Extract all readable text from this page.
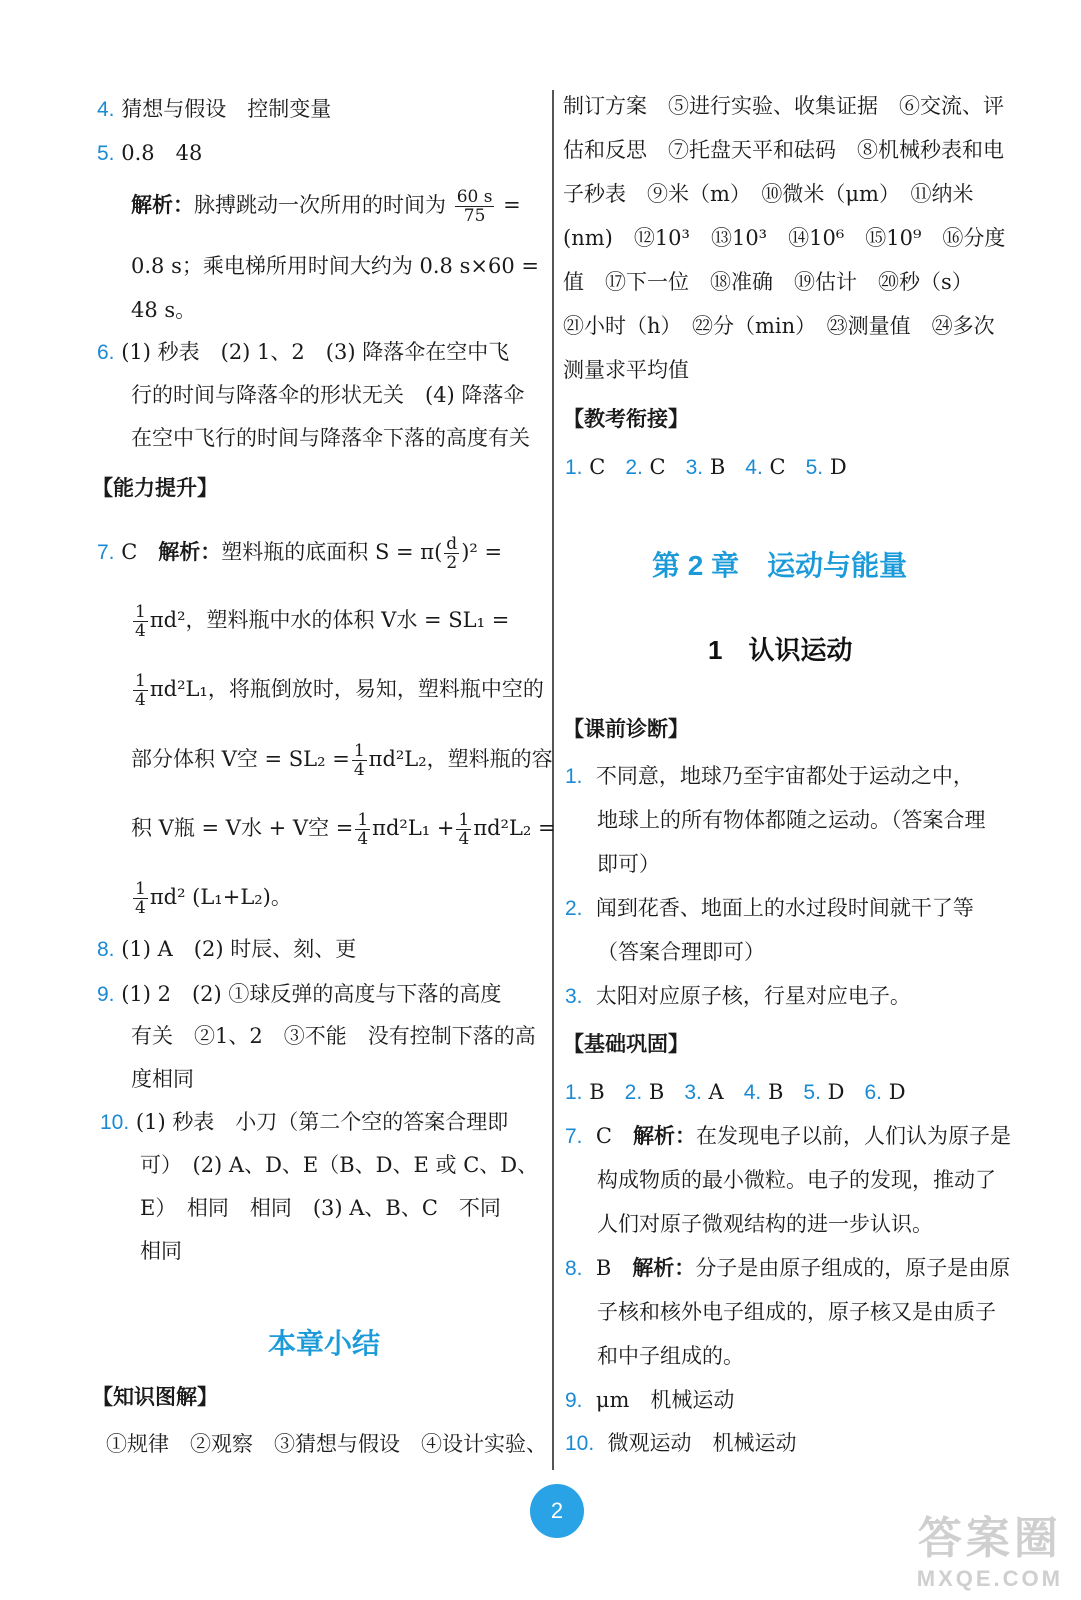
4. 猜想与假设　控制变量
5. 0.8　48
解析：脉搏跳动一次所用的时间为 $\frac{60 s}{75}$ =
0.8 s；乘电梯所用时间大约为 0.8 s×60 =
48 s。
6. (1) 秒表　(2) 1、2　(3) 降落伞在空中飞
行的时间与降落伞的形状无关　(4) 降落伞
在空中飞行的时间与降落伞下落的高度有关
【能力提升】
7. C　解析：塑料瓶的底面积 $S = \pi( \frac{d}{2} )^2$ =
$\frac{1}{4} \pi d^2$，塑料瓶中水的体积 V水 = SL₁ =
$\frac{1}{4} \pi d^2L_1$，将瓶倒放时，易知，塑料瓶中空的
部分体积 V空 = $SL_2 = \frac{1}{4} \pi d^2L_2$，塑料瓶的容
积 V瓶 = V水 + V空 = $\frac{1}{4} \pi d^2L_1 + \frac{1}{4} \pi d^2L_2$ =
$\frac{1}{4} \pi d^2$ (L₁+L₂)。
8. (1) A　(2) 时辰、刻、更
9. (1) 2　(2) ①球反弹的高度与下落的高度
有关　②1、2　③不能　没有控制下落的高
度相同
10. (1) 秒表　小刀（第二个空的答案合理即
可）　(2) A、D、E（B、D、E 或 C、D、
E）　相同　相同　(3) A、B、C　不同
相同
本章小结
【知识图解】
①规律　②观察　③猜想与假设　④设计实验、
制订方案　⑤进行实验、收集证据　⑥交流、评
估和反思　⑦托盘天平和砝码　⑧机械秒表和电
子秒表　⑨米（m）　⑩微米（μm）　⑪纳米
(nm)　⑫10³　⑬10³　⑭10⁶　⑮10⁹　⑯分度
值　⑰下一位　⑱准确　⑲估计　⑳秒（s）
㉑小时（h）　㉒分（min）　㉓测量值　㉔多次
测量求平均值
【教考衔接】
1. C 2. C 3. B 4. C 5. D
第 2 章　运动与能量
1　认识运动
【课前诊断】
1. 不同意，地球乃至宇宙都处于运动之中，
地球上的所有物体都随之运动。（答案合理
即可）
2. 闻到花香、地面上的水过段时间就干了等
（答案合理即可）
3. 太阳对应原子核，行星对应电子。
【基础巩固】
1. B 2. B 3. A 4. B 5. D 6. D
7. C　解析：在发现电子以前，人们认为原子是
构成物质的最小微粒。电子的发现，推动了
人们对原子微观结构的进一步认识。
8. B　解析：分子是由原子组成的，原子是由原
子核和核外电子组成的，原子核又是由质子
和中子组成的。
9. μm　机械运动
10. 微观运动　机械运动
2
答案圈
MXQE.COM
